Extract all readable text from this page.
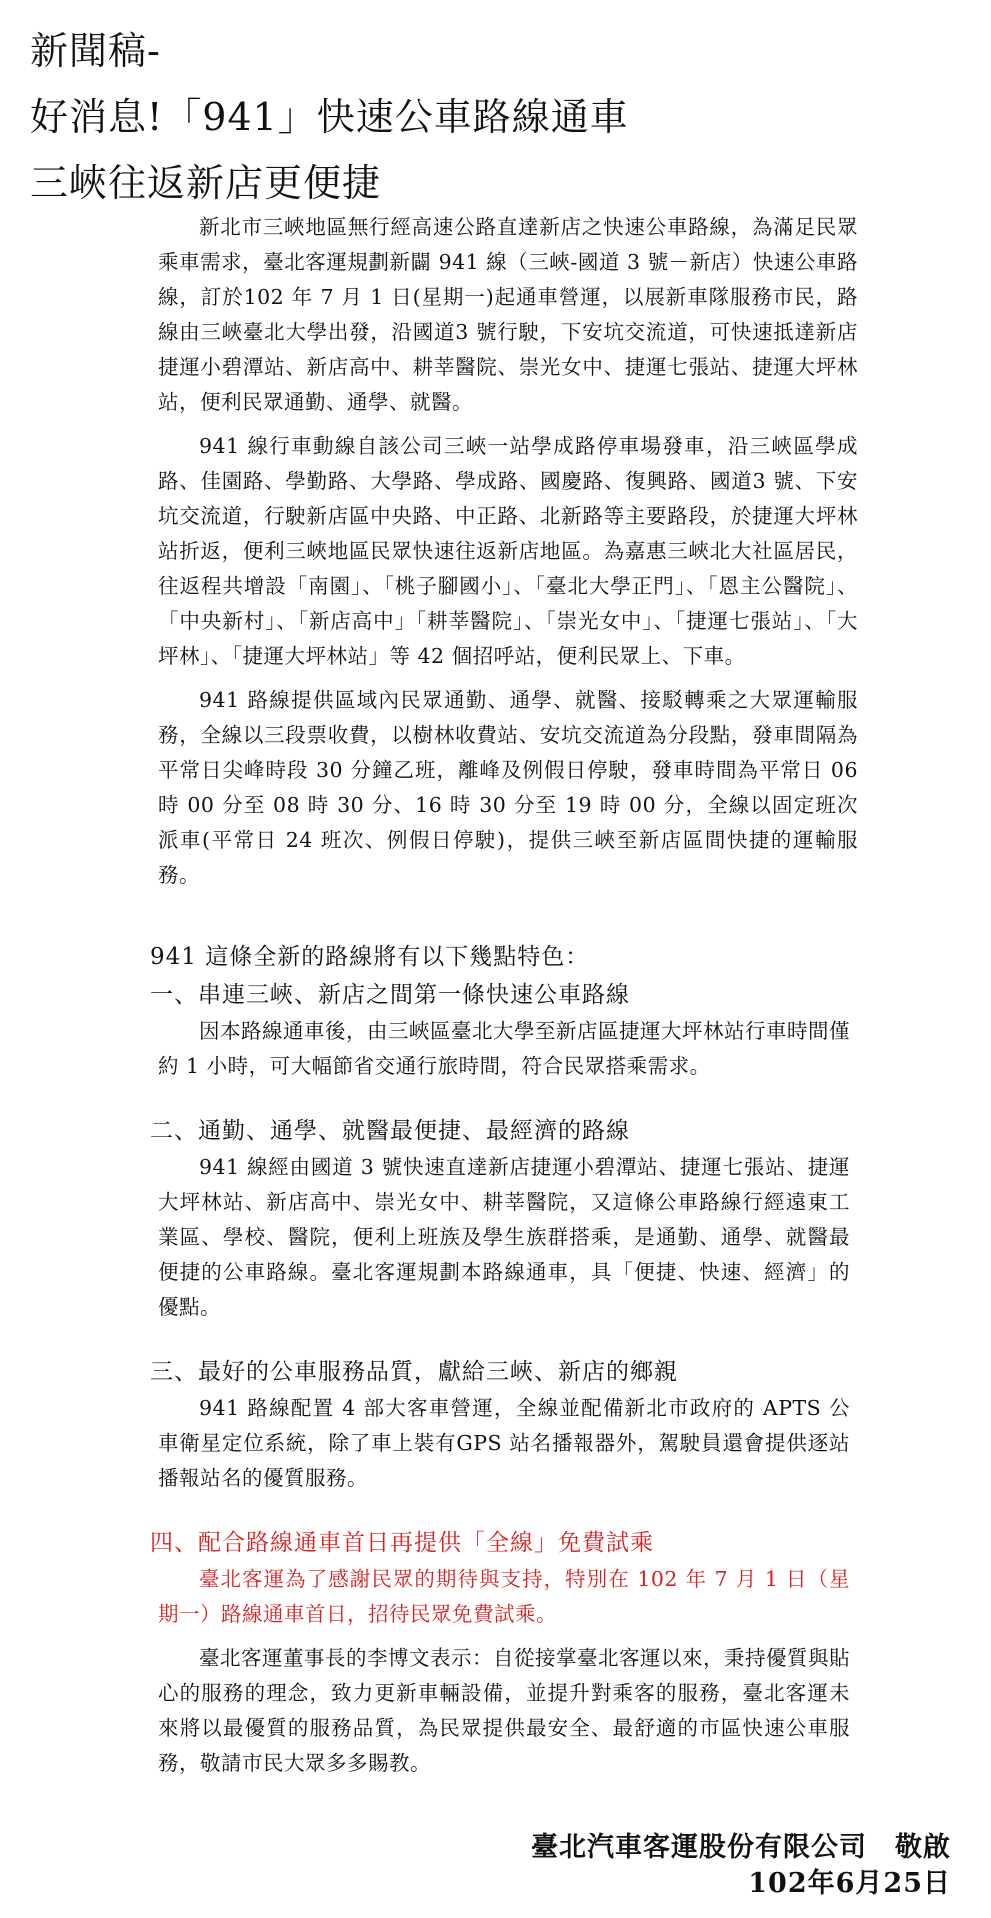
新聞稿-
好消息!「941」快速公車路線通車
三峽往返新店更便捷

新北市三峽地區無行經高速公路直達新店之快速公車路線，為滿足民眾乘車需求，臺北客運規劃新闢 941 線（三峽-國道 3 號－新店）快速公車路線，訂於102 年 7 月 1 日(星期一)起通車營運，以展新車隊服務市民，路線由三峽臺北大學出發，沿國道3 號行駛，下安坑交流道，可快速抵達新店捷運小碧潭站、新店高中、耕莘醫院、崇光女中、捷運七張站、捷運大坪林站，便利民眾通勤、通學、就醫。

941 線行車動線自該公司三峽一站學成路停車場發車，沿三峽區學成路、佳園路、學勤路、大學路、學成路、國慶路、復興路、國道3 號、下安坑交流道，行駛新店區中央路、中正路、北新路等主要路段，於捷運大坪林站折返，便利三峽地區民眾快速往返新店地區。為嘉惠三峽北大社區居民，往返程共增設「南園」、「桃子腳國小」、「臺北大學正門」、「恩主公醫院」、「中央新村」、「新店高中」「耕莘醫院」、「崇光女中」、「捷運七張站」、「大坪林」、「捷運大坪林站」等 42 個招呼站，便利民眾上、下車。

941 路線提供區域內民眾通勤、通學、就醫、接駁轉乘之大眾運輸服務，全線以三段票收費，以樹林收費站、安坑交流道為分段點，發車間隔為平常日尖峰時段 30 分鐘乙班，離峰及例假日停駛，發車時間為平常日 06 時 00 分至 08 時 30 分、16 時 30 分至 19 時 00 分，全線以固定班次派車(平常日 24 班次、例假日停駛)，提供三峽至新店區間快捷的運輸服務。

941 這條全新的路線將有以下幾點特色：
一、串連三峽、新店之間第一條快速公車路線

因本路線通車後，由三峽區臺北大學至新店區捷運大坪林站行車時間僅約 1 小時，可大幅節省交通行旅時間，符合民眾搭乘需求。

二、通勤、通學、就醫最便捷、最經濟的路線

941 線經由國道 3 號快速直達新店捷運小碧潭站、捷運七張站、捷運大坪林站、新店高中、崇光女中、耕莘醫院，又這條公車路線行經遠東工業區、學校、醫院，便利上班族及學生族群搭乘，是通勤、通學、就醫最便捷的公車路線。臺北客運規劃本路線通車，具「便捷、快速、經濟」的優點。

三、最好的公車服務品質，獻給三峽、新店的鄉親

941 路線配置 4 部大客車營運，全線並配備新北市政府的 APTS 公車衛星定位系統，除了車上裝有GPS 站名播報器外，駕駛員還會提供逐站播報站名的優質服務。

四、配合路線通車首日再提供「全線」免費試乘

臺北客運為了感謝民眾的期待與支持，特別在 102 年 7 月 1 日（星期一）路線通車首日，招待民眾免費試乘。

臺北客運董事長的李博文表示：自從接掌臺北客運以來，秉持優質與貼心的服務的理念，致力更新車輛設備，並提升對乘客的服務，臺北客運未來將以最優質的服務品質，為民眾提供最安全、最舒適的市區快速公車服務，敬請市民大眾多多賜教。

臺北汽車客運股份有限公司　敬啟
102年6月25日
